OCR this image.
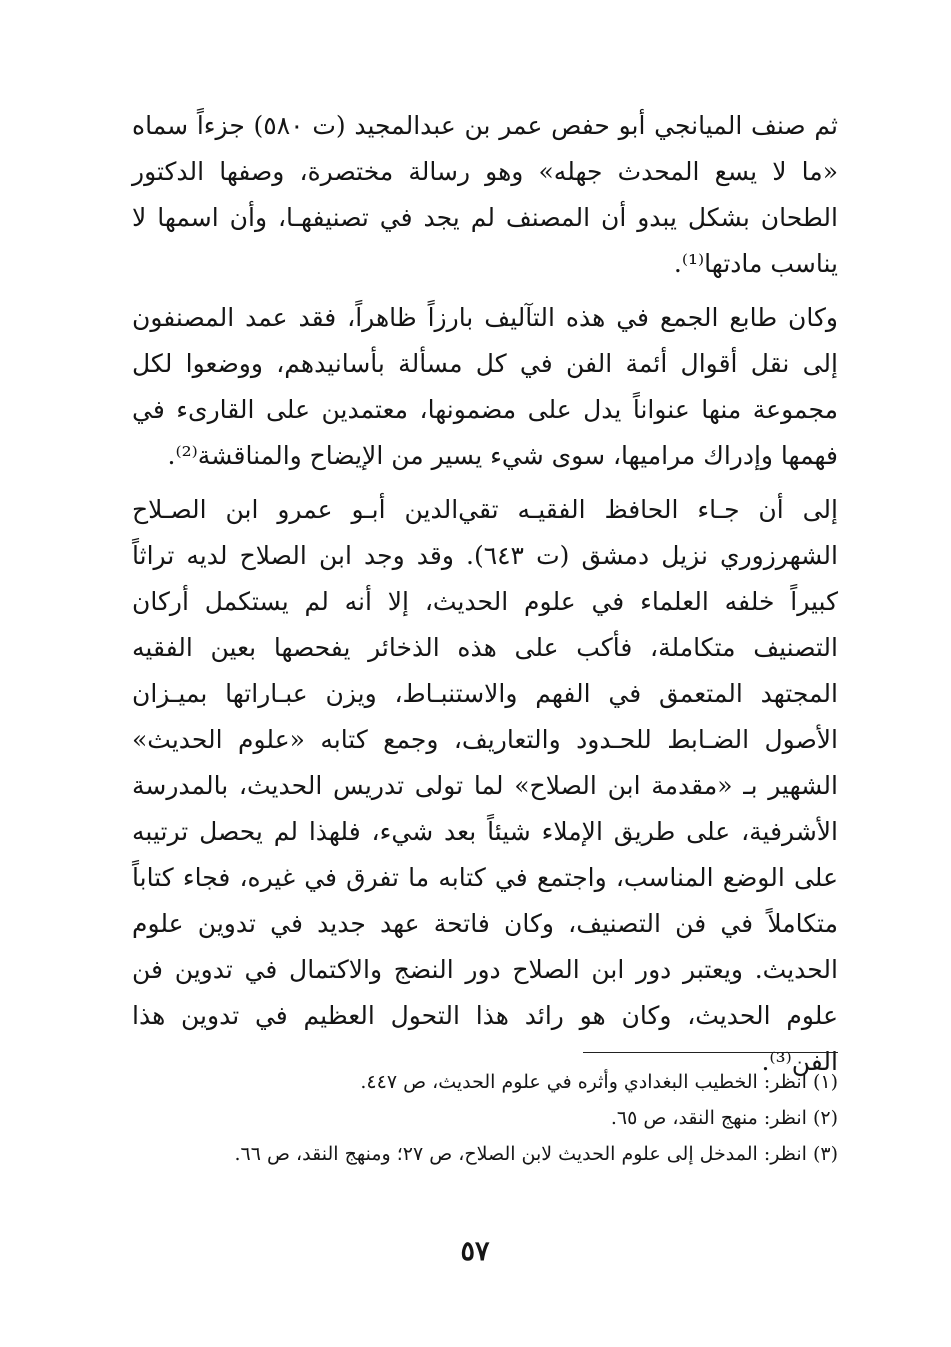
ثم صنف الميانجي أبو حفص عمر بن عبدالمجيد (ت ٥٨٠) جزءاً سماه «ما لا يسع المحدث جهله» وهو رسالة مختصرة، وصفها الدكتور الطحان بشكل يبدو أن المصنف لم يجد في تصنيفهـا، وأن اسمها لا يناسب مادتها⁽¹⁾.

وكان طابع الجمع في هذه التآليف بارزاً ظاهراً، فقد عمد المصنفون إلى نقل أقوال أئمة الفن في كل مسألة بأسانيدهم، ووضعوا لكل مجموعة منها عنواناً يدل على مضمونها، معتمدين على القارىء في فهمها وإدراك مراميها، سوى شيء يسير من الإيضاح والمناقشة⁽²⁾.

إلى أن جـاء الحافظ الفقيـه تقي‌الدين أبـو عمرو ابن الصـلاح الشهرزوري نزيل دمشق (ت ٦٤٣). وقد وجد ابن الصلاح لديه تراثاً كبيراً خلفه العلماء في علوم الحديث، إلا أنه لم يستكمل أركان التصنيف متكاملة، فأكب على هذه الذخائر يفحصها بعين الفقيه المجتهد المتعمق في الفهم والاستنبـاط، ويزن عبـاراتها بميـزان الأصول الضـابط للحـدود والتعاريف، وجمع كتابه «علوم الحديث» الشهير بـ «مقدمة ابن الصلاح» لما تولى تدريس الحديث، بالمدرسة الأشرفية، على طريق الإملاء شيئاً بعد شيء، فلهذا لم يحصل ترتيبه على الوضع المناسب، واجتمع في كتابه ما تفرق في غيره، فجاء كتاباً متكاملاً في فن التصنيف، وكان فاتحة عهد جديد في تدوين علوم الحديث. ويعتبر دور ابن الصلاح دور النضج والاكتمال في تدوين فن علوم الحديث، وكان هو رائد هذا التحول العظيم في تدوين هذا الفن⁽³⁾.

(١) انظر: الخطيب البغدادي وأثره في علوم الحديث، ص ٤٤٧.
(٢) انظر: منهج النقد، ص ٦٥.
(٣) انظر: المدخل إلى علوم الحديث لابن الصلاح، ص ٢٧؛ ومنهج النقد، ص ٦٦.
٥٧
